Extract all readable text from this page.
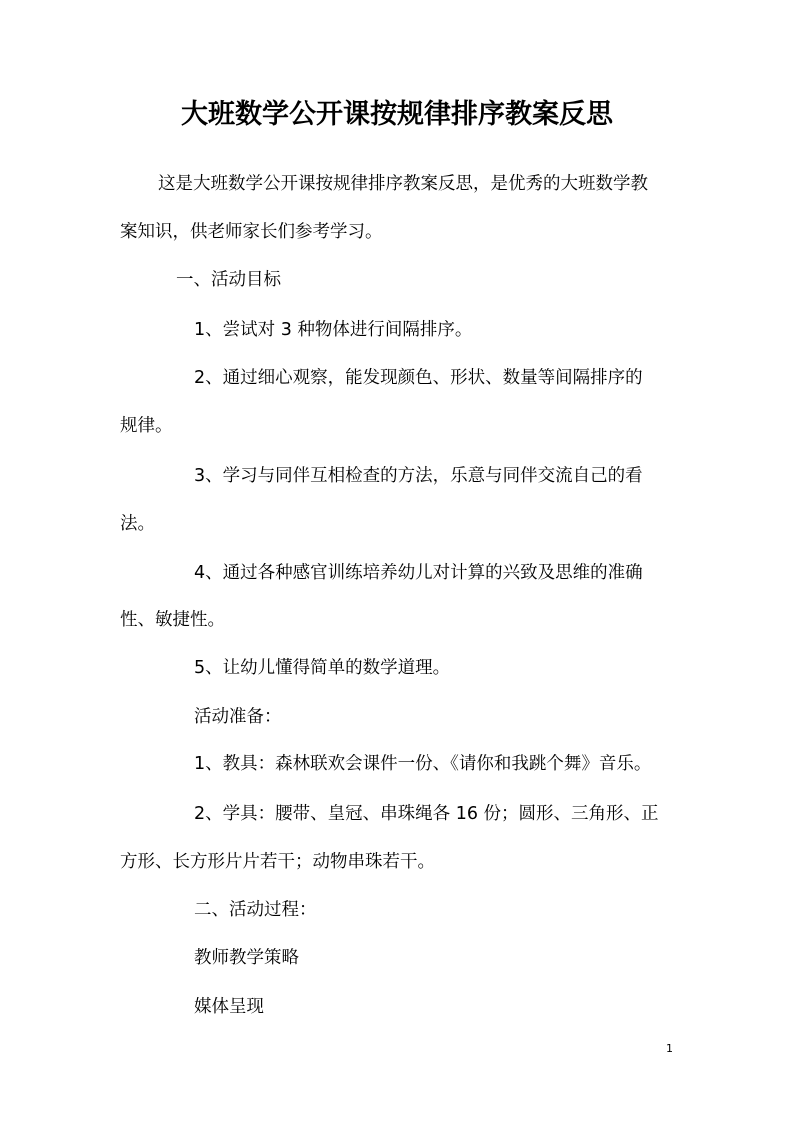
大班数学公开课按规律排序教案反思
这是大班数学公开课按规律排序教案反思，是优秀的大班数学教
案知识，供老师家长们参考学习。
一、活动目标
1、尝试对 3 种物体进行间隔排序。
2、通过细心观察，能发现颜色、形状、数量等间隔排序的
规律。
3、学习与同伴互相检查的方法，乐意与同伴交流自己的看
法。
4、通过各种感官训练培养幼儿对计算的兴致及思维的准确
性、敏捷性。
5、让幼儿懂得简单的数学道理。
活动准备：
1、教具：森林联欢会课件一份、《请你和我跳个舞》音乐。
2、学具：腰带、皇冠、串珠绳各 16 份；圆形、三角形、正
方形、长方形片片若干；动物串珠若干。
二、活动过程：
教师教学策略
媒体呈现
1
